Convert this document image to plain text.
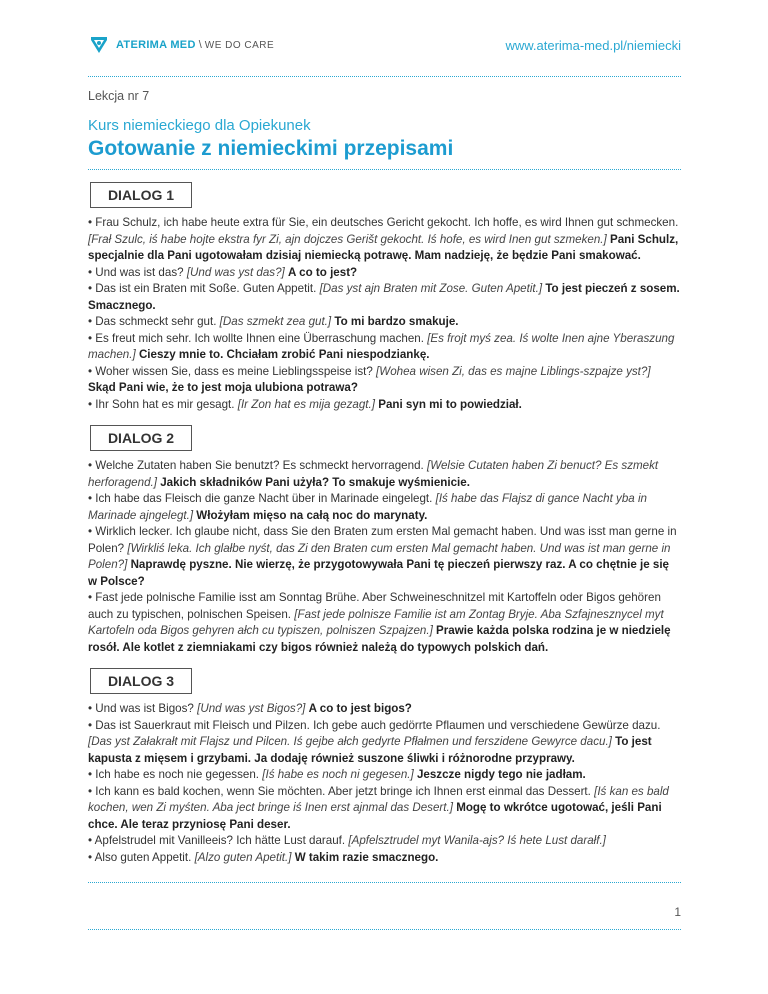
ATERIMA MED \ WE DO CARE	www.aterima-med.pl/niemiecki
Lekcja nr 7
Kurs niemieckiego dla Opiekunek
Gotowanie z niemieckimi przepisami
DIALOG 1

• Frau Schulz, ich habe heute extra für Sie, ein deutsches Gericht gekocht. Ich hoffe, es wird Ihnen gut schmecken. [Frał Szulc, iś habe hojte ekstra fyr Zi, ajn dojczes Gerišt gekocht. Iś hofe, es wird Inen gut szmeken.] Pani Schulz, specjalnie dla Pani ugotowałam dzisiaj niemiecką potrawę. Mam nadzieję, że będzie Pani smakować.

• Und was ist das? [Und was yst das?] A co to jest?

• Das ist ein Braten mit Soße. Guten Appetit. [Das yst ajn Braten mit Zose. Guten Apetit.] To jest pieczeń z sosem. Smacznego.

• Das schmeckt sehr gut. [Das szmekt zea gut.] To mi bardzo smakuje.

• Es freut mich sehr. Ich wollte Ihnen eine Überraschung machen. [Es frojt myś zea. Iś wolte Inen ajne Yberaszung machen.] Cieszy mnie to. Chciałam zrobić Pani niespodziankę.

• Woher wissen Sie, dass es meine Lieblingsspeise ist? [Wohea wisen Zi, das es majne Liblings-szpajze yst?] Skąd Pani wie, że to jest moja ulubiona potrawa?

• Ihr Sohn hat es mir gesagt. [Ir Zon hat es mija gezagt.] Pani syn mi to powiedział.

DIALOG 2

• Welche Zutaten haben Sie benutzt? Es schmeckt hervorragend. [Welsie Cutaten haben Zi benuct? Es szmekt herforagend.] Jakich składników Pani użyła? To smakuje wyśmienicie.

• Ich habe das Fleisch die ganze Nacht über in Marinade eingelegt. [Iś habe das Flajsz di gance Nacht yba in Marinade ajngelegt.] Włożyłam mięso na całą noc do marynaty.

• Wirklich lecker. Ich glaube nicht, dass Sie den Braten zum ersten Mal gemacht haben. Und was isst man gerne in Polen? [Wirkliś leka. Ich glałbe nyśt, das Zi den Braten cum ersten Mal gemacht haben. Und was ist man gerne in Polen?] Naprawdę pyszne. Nie wierzę, że przygotowywała Pani tę pieczeń pierwszy raz. A co chętnie je się w Polsce?

• Fast jede polnische Familie isst am Sonntag Brühe. Aber Schweineschnitzel mit Kartoffeln oder Bigos gehören auch zu typischen, polnischen Speisen. [Fast jede polnisze Familie ist am Zontag Bryje. Aba Szfajnesznycel myt Kartofeln oda Bigos gehyren ałch cu typiszen, polniszen Szpajzen.] Prawie każda polska rodzina je w niedzielę rosół. Ale kotlet z ziemniakami czy bigos również należą do typowych polskich dań.

DIALOG 3

• Und was ist Bigos? [Und was yst Bigos?] A co to jest bigos?

• Das ist Sauerkraut mit Fleisch und Pilzen. Ich gebe auch gedörrte Pflaumen und verschiedene Gewürze dazu. [Das yst Załakrałt mit Flajsz und Pilcen. Iś gejbe ałch gedyrte Pfłałmen und ferszidene Gewyrce dacu.] To jest kapusta z mięsem i grzybami. Ja dodaję również suszone śliwki i różnorodne przyprawy.

• Ich habe es noch nie gegessen. [Iś habe es noch ni gegesen.] Jeszcze nigdy tego nie jadłam.

• Ich kann es bald kochen, wenn Sie möchten. Aber jetzt bringe ich Ihnen erst einmal das Dessert. [Iś kan es bald kochen, wen Zi myśten. Aba ject bringe iś Inen erst ajnmal das Desert.] Mogę to wkrótce ugotować, jeśli Pani chce. Ale teraz przyniosę Pani deser.

• Apfelstrudel mit Vanilleeis? Ich hätte Lust darauf. [Apfelsztrudel myt Wanila-ajs? Iś hete Lust darałf.]

• Also guten Appetit. [Alzo guten Apetit.] W takim razie smacznego.

1
